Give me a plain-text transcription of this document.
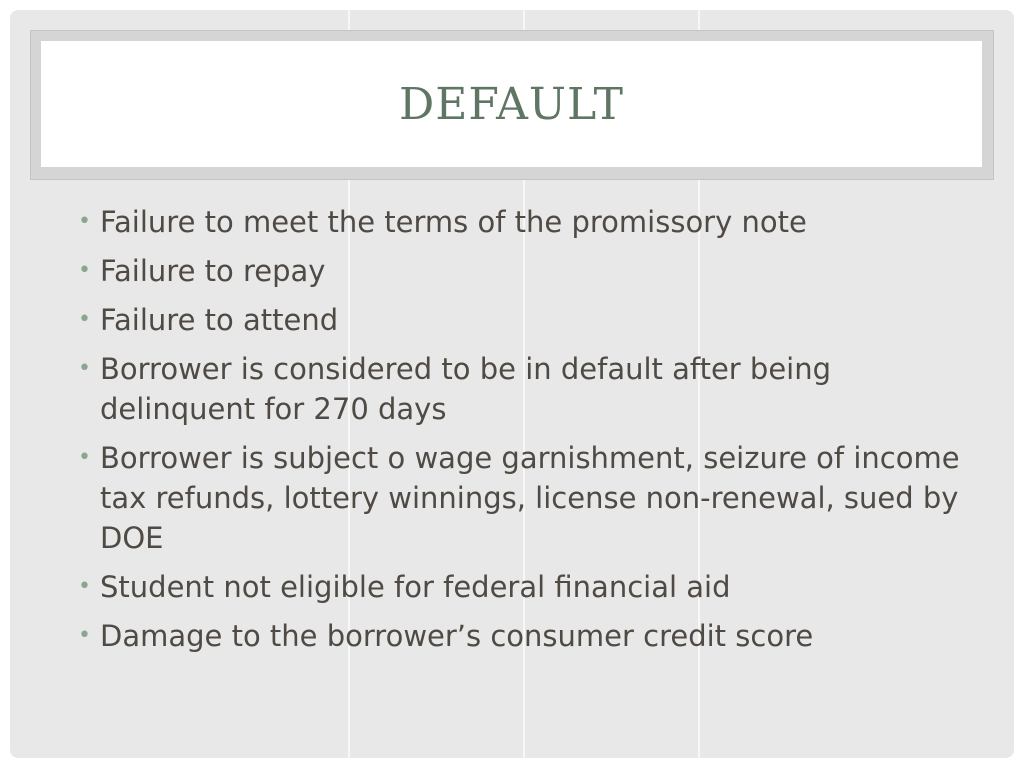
DEFAULT
• Failure to meet the terms of the promissory note
• Failure to repay
• Failure to attend
• Borrower is considered to be in default after being delinquent for 270 days
• Borrower is subject o wage garnishment, seizure of income tax refunds, lottery winnings, license non-renewal, sued by DOE
• Student not eligible for federal financial aid
• Damage to the borrower’s consumer credit score
